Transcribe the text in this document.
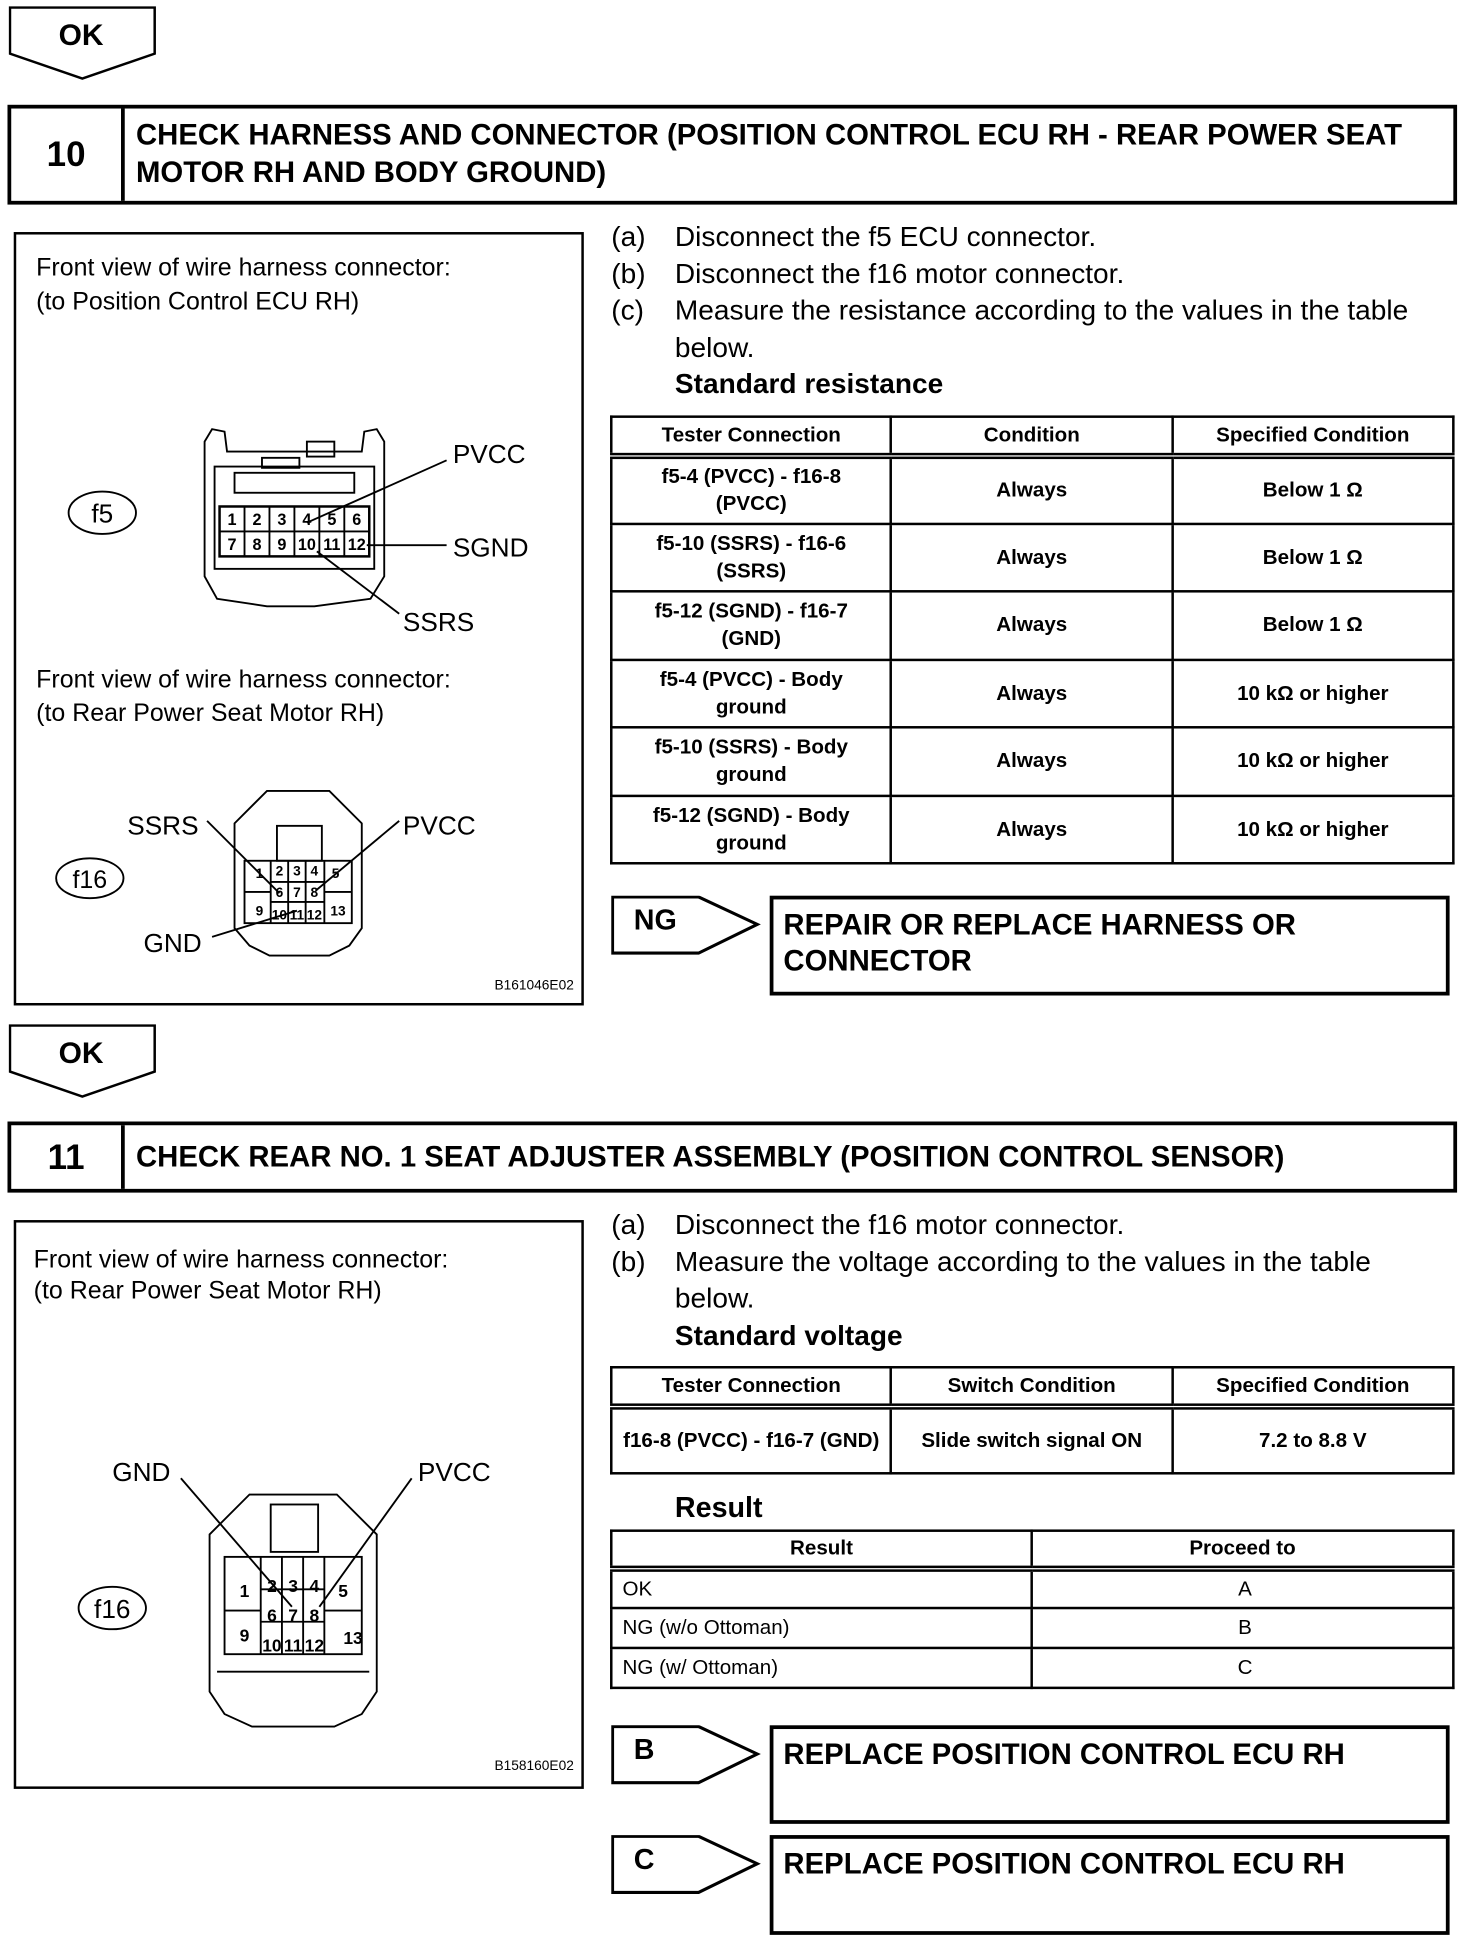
OK
10	CHECK HARNESS AND CONNECTOR (POSITION CONTROL ECU RH - REAR POWER SEAT MOTOR RH AND BODY GROUND)
Front view of wire harness connector:
(to Position Control ECU RH)
Front view of wire harness connector:
(to Rear Power Seat Motor RH)
B161046E02
1 2 3 4 5 6
7 8 9 10 11 12
1 2 3 4 5
6 7 8
9 10 11 12 13
f5
f16
PVCC
SGND
SSRS
SSRS	PVCC
GND
(a)	Disconnect the f5 ECU connector.
(b)	Disconnect the f16 motor connector.
(c)	Measure the resistance according to the values in the table below.
Standard resistance
Tester Connection	Condition	Specified Condition
f5-4 (PVCC) - f16-8 (PVCC)	Always	Below 1 Ω
f5-10 (SSRS) - f16-6 (SSRS)	Always	Below 1 Ω
f5-12 (SGND) - f16-7 (GND)	Always	Below 1 Ω
f5-4 (PVCC) - Body ground	Always	10 kΩ or higher
f5-10 (SSRS) - Body ground	Always	10 kΩ or higher
f5-12 (SGND) - Body ground	Always	10 kΩ or higher
NG	REPAIR OR REPLACE HARNESS OR CONNECTOR
OK
11	CHECK REAR NO. 1 SEAT ADJUSTER ASSEMBLY (POSITION CONTROL SENSOR)
Front view of wire harness connector:
(to Rear Power Seat Motor RH)
B158160E02
1 2 3 4 5
6 7 8
9 10 11 12 13
f16
GND	PVCC
(a)	Disconnect the f16 motor connector.
(b)	Measure the voltage according to the values in the table below.
Standard voltage
Tester Connection	Switch Condition	Specified Condition
f16-8 (PVCC) - f16-7 (GND)	Slide switch signal ON	7.2 to 8.8 V
Result
Result	Proceed to
OK	A
NG (w/o Ottoman)	B
NG (w/ Ottoman)	C
B	REPLACE POSITION CONTROL ECU RH
C	REPLACE POSITION CONTROL ECU RH
